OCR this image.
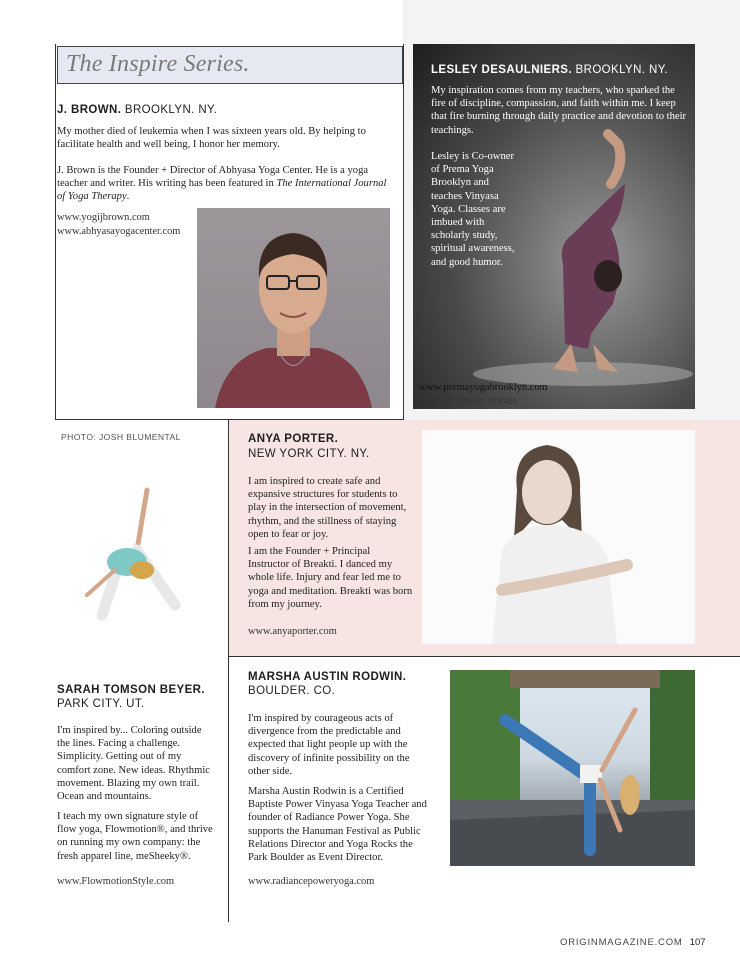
The Inspire Series.
J. BROWN. BROOKLYN. NY.

My mother died of leukemia when I was sixteen years old. By helping to facilitate health and well being, I honor her memory.

J. Brown is the Founder + Director of Abhyasa Yoga Center. He is a yoga teacher and writer. His writing has been featured in The International Journal of Yoga Therapy.

www.yogijbrown.com
www.abhyasayogacenter.com
LESLEY DESAULNIERS. BROOKLYN. NY.

My inspiration comes from my teachers, who sparked the fire of discipline, compassion, and faith within me. I keep that fire burning through daily practice and devotion to their teachings.

Lesley is Co-owner of Prema Yoga Brooklyn and teaches Vinyasa Yoga. Classes are imbued with scholarly study, spiritual awareness, and good humor.

www.premayogabrooklyn.com
PHOTO: DAVID VOGEL
PHOTO: JOSH BLUMENTAL	ANYA PORTER.
NEW YORK CITY. NY.

I am inspired to create safe and expansive structures for students to play in the intersection of movement, rhythm, and the stillness of staying open to fear or joy.

I am the Founder + Principal Instructor of Breakti. I danced my whole life. Injury and fear led me to yoga and meditation. Breakti was born from my journey.

www.anyaporter.com
SARAH TOMSON BEYER.
PARK CITY. UT.

I'm inspired by... Coloring outside the lines. Facing a challenge. Simplicity. Getting out of my comfort zone. New ideas. Rhythmic movement. Blazing my own trail. Ocean and mountains.

I teach my own signature style of flow yoga, Flowmotion®, and thrive on running my own company: the fresh apparel line, meSheeky®.

www.FlowmotionStyle.com
MARSHA AUSTIN RODWIN.
BOULDER. CO.

I'm inspired by courageous acts of divergence from the predictable and expected that light people up with the discovery of infinite possibility on the other side.

Marsha Austin Rodwin is a Certified Baptiste Power Vinyasa Yoga Teacher and founder of Radiance Power Yoga. She supports the Hanuman Festival as Public Relations Director and Yoga Rocks the Park Boulder as Event Director.

www.radiancepoweryoga.com
ORIGINMAGAZINE.COM 107
